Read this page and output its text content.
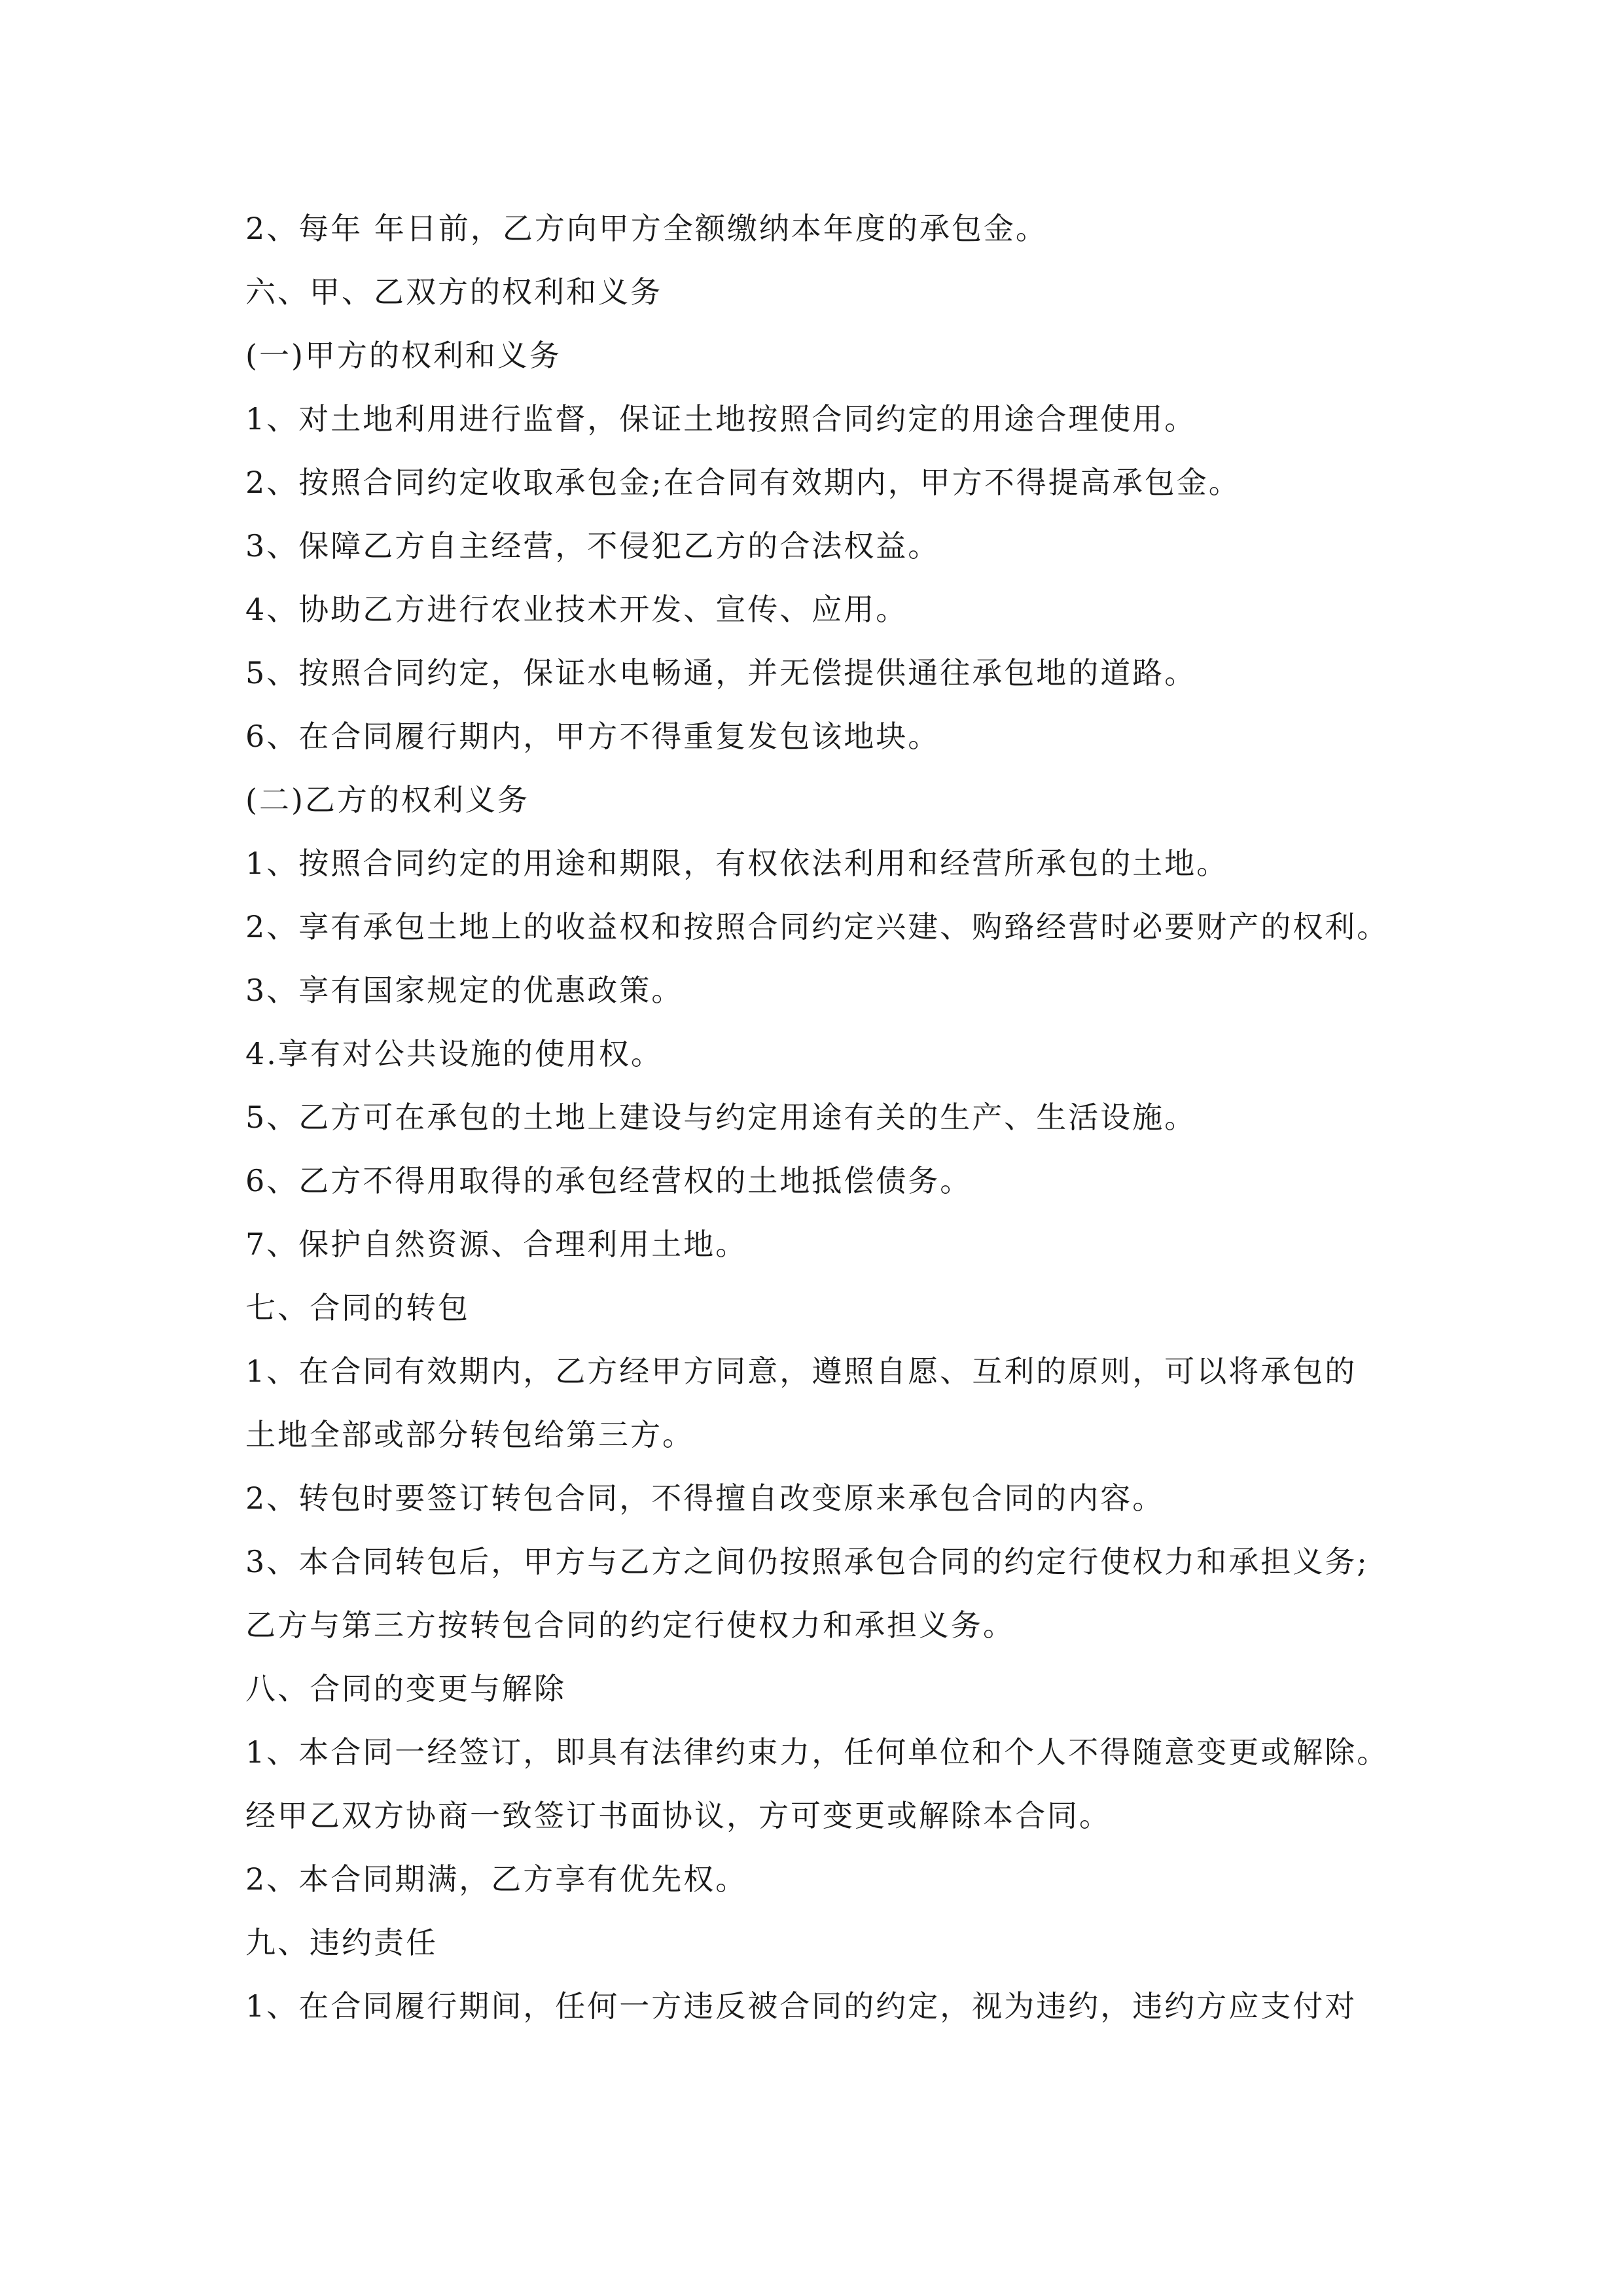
2、每年 年日前，乙方向甲方全额缴纳本年度的承包金。
六、甲、乙双方的权利和义务
(一)甲方的权利和义务
1、对土地利用进行监督，保证土地按照合同约定的用途合理使用。
2、按照合同约定收取承包金;在合同有效期内，甲方不得提高承包金。
3、保障乙方自主经营，不侵犯乙方的合法权益。
4、协助乙方进行农业技术开发、宣传、应用。
5、按照合同约定，保证水电畅通，并无偿提供通往承包地的道路。
6、在合同履行期内，甲方不得重复发包该地块。
(二)乙方的权利义务
1、按照合同约定的用途和期限，有权依法利用和经营所承包的土地。
2、享有承包土地上的收益权和按照合同约定兴建、购臵经营时必要财产的权利。
3、享有国家规定的优惠政策。
4.享有对公共设施的使用权。
5、乙方可在承包的土地上建设与约定用途有关的生产、生活设施。
6、乙方不得用取得的承包经营权的土地抵偿债务。
7、保护自然资源、合理利用土地。
七、合同的转包
1、在合同有效期内，乙方经甲方同意，遵照自愿、互利的原则，可以将承包的
土地全部或部分转包给第三方。
2、转包时要签订转包合同，不得擅自改变原来承包合同的内容。
3、本合同转包后，甲方与乙方之间仍按照承包合同的约定行使权力和承担义务;
乙方与第三方按转包合同的约定行使权力和承担义务。
八、合同的变更与解除
1、本合同一经签订，即具有法律约束力，任何单位和个人不得随意变更或解除。
经甲乙双方协商一致签订书面协议，方可变更或解除本合同。
2、本合同期满，乙方享有优先权。
九、违约责任
1、在合同履行期间，任何一方违反被合同的约定，视为违约，违约方应支付对
